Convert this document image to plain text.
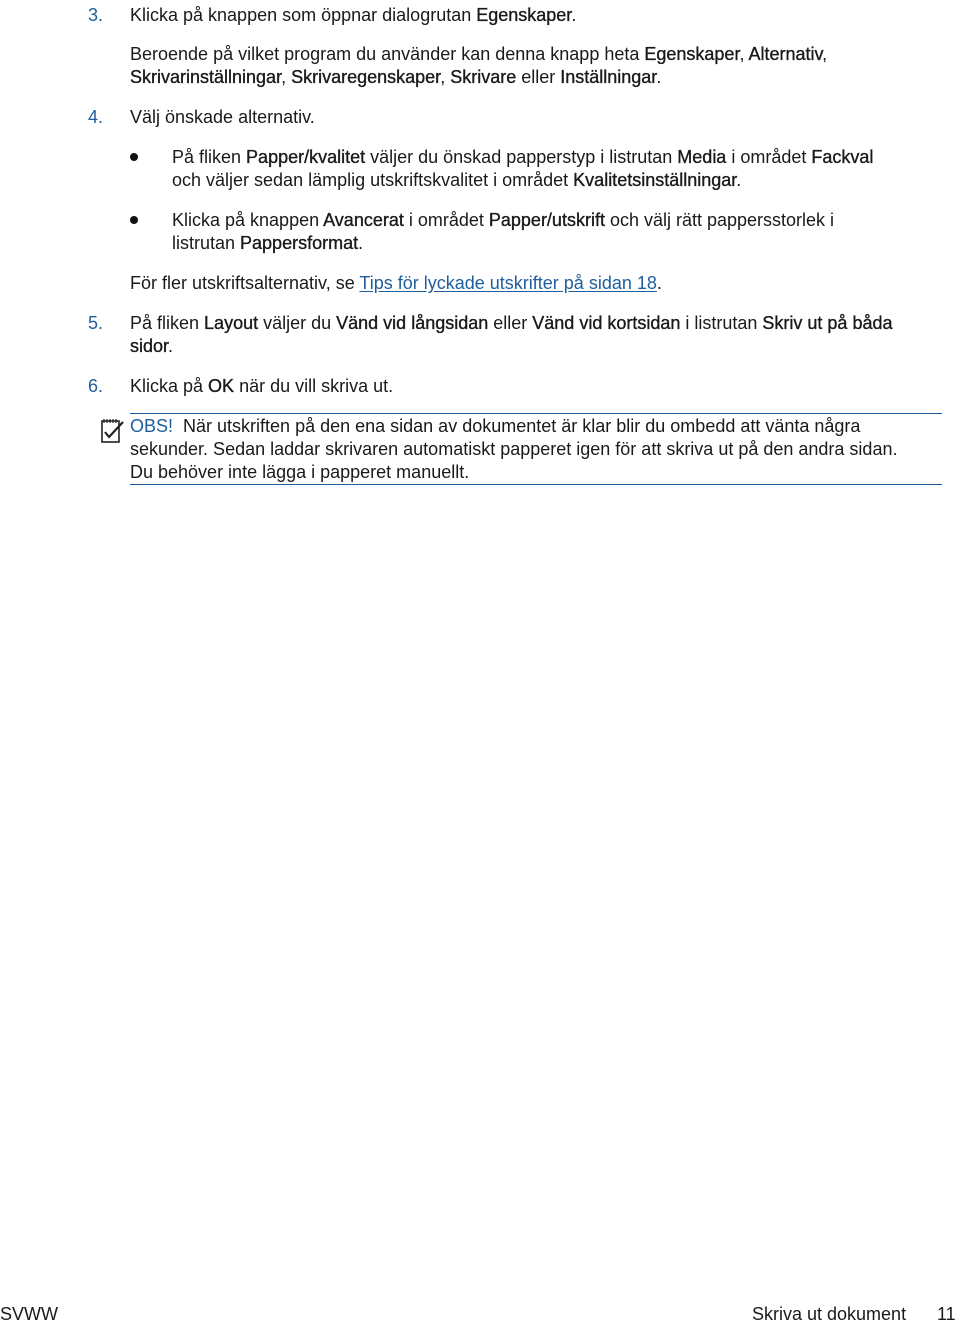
3. Klicka på knappen som öppnar dialogrutan Egenskaper.
Beroende på vilket program du använder kan denna knapp heta Egenskaper, Alternativ,
Skrivarinställningar, Skrivaregenskaper, Skrivare eller Inställningar.
4. Välj önskade alternativ.
På fliken Papper/kvalitet väljer du önskad papperstyp i listrutan Media i området Fackval
och väljer sedan lämplig utskriftskvalitet i området Kvalitetsinställningar.
Klicka på knappen Avancerat i området Papper/utskrift och välj rätt pappersstorlek i
listrutan Pappersformat.
För fler utskriftsalternativ, se Tips för lyckade utskrifter på sidan 18.
5. På fliken Layout väljer du Vänd vid långsidan eller Vänd vid kortsidan i listrutan Skriv ut på båda
sidor.
6. Klicka på OK när du vill skriva ut.
OBS! När utskriften på den ena sidan av dokumentet är klar blir du ombedd att vänta några
sekunder. Sedan laddar skrivaren automatiskt papperet igen för att skriva ut på den andra sidan.
Du behöver inte lägga i papperet manuellt.
SVWW	Skriva ut dokument 11
